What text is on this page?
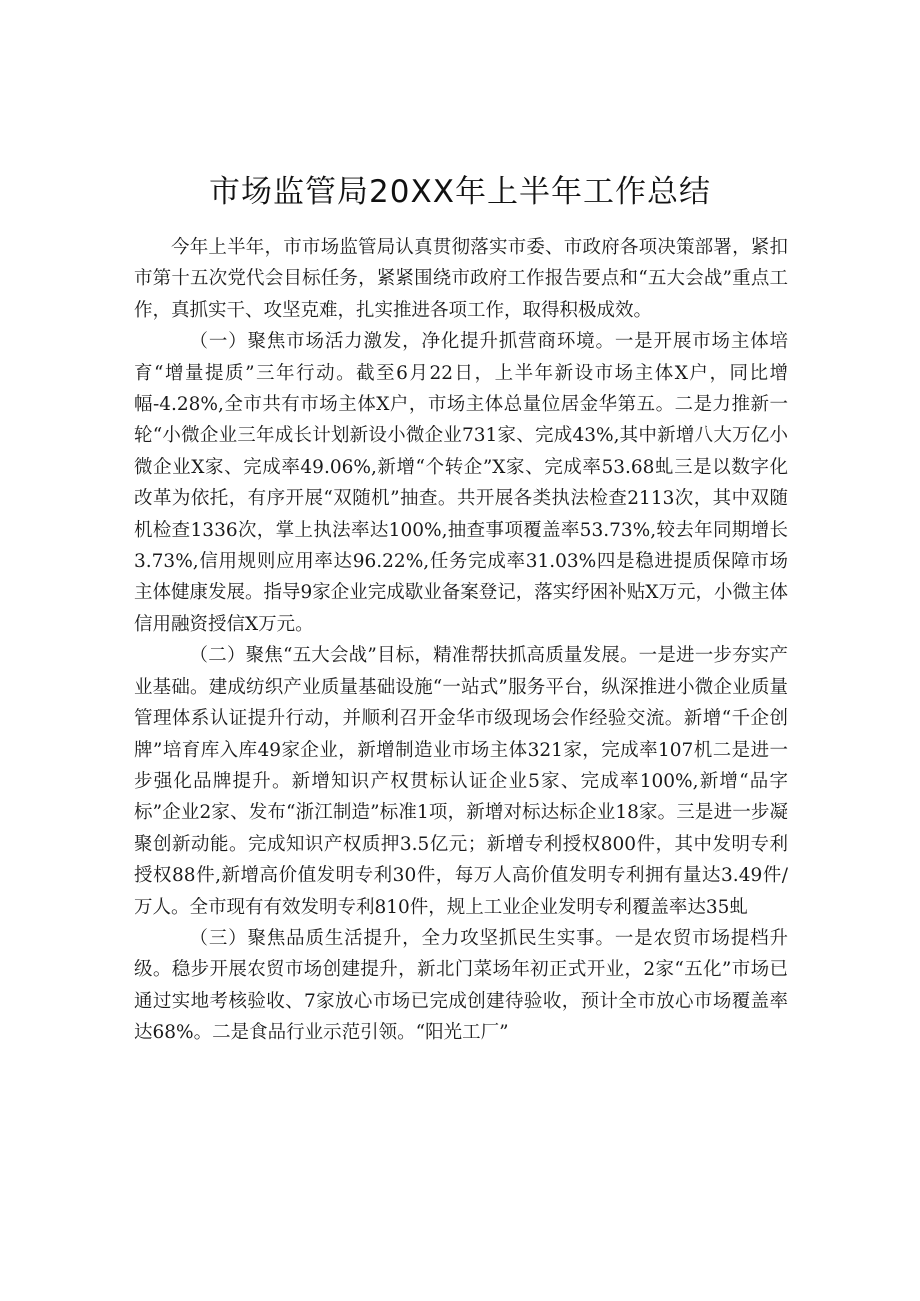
市场监管局20XX年上半年工作总结

今年上半年，市市场监管局认真贯彻落实市委、市政府各项决策部署，紧扣市第十五次党代会目标任务，紧紧围绕市政府工作报告要点和“五大会战”重点工作，真抓实干、攻坚克难，扎实推进各项工作，取得积极成效。

（一）聚焦市场活力激发，净化提升抓营商环境。一是开展市场主体培育“增量提质”三年行动。截至6月22日，上半年新设市场主体X户，同比增幅-4.28%,全市共有市场主体X户，市场主体总量位居金华第五。二是力推新一轮“小微企业三年成长计划新设小微企业731家、完成43%,其中新增八大万亿小微企业X家、完成率49.06%,新增“个转企”X家、完成率53.68虬三是以数字化改革为依托，有序开展“双随机”抽查。共开展各类执法检查2113次，其中双随机检查1336次，掌上执法率达100%,抽查事项覆盖率53.73%,较去年同期增长3.73%,信用规则应用率达96.22%,任务完成率31.03%四是稳进提质保障市场主体健康发展。指导9家企业完成歇业备案登记，落实纾困补贴X万元，小微主体信用融资授信X万元。

（二）聚焦“五大会战”目标，精准帮扶抓高质量发展。一是进一步夯实产业基础。建成纺织产业质量基础设施“一站式”服务平台，纵深推进小微企业质量管理体系认证提升行动，并顺利召开金华市级现场会作经验交流。新增“千企创牌”培育库入库49家企业，新增制造业市场主体321家，完成率107机二是进一步强化品牌提升。新增知识产权贯标认证企业5家、完成率100%,新增“品字标”企业2家、发布“浙江制造”标准1项，新增对标达标企业18家。三是进一步凝聚创新动能。完成知识产权质押3.5亿元；新增专利授权800件，其中发明专利授权88件,新增高价值发明专利30件，每万人高价值发明专利拥有量达3.49件/万人。全市现有有效发明专利810件，规上工业企业发明专利覆盖率达35虬

（三）聚焦品质生活提升，全力攻坚抓民生实事。一是农贸市场提档升级。稳步开展农贸市场创建提升，新北门菜场年初正式开业，2家“五化”市场已通过实地考核验收、7家放心市场已完成创建待验收，预计全市放心市场覆盖率达68%。二是食品行业示范引领。“阳光工厂”
